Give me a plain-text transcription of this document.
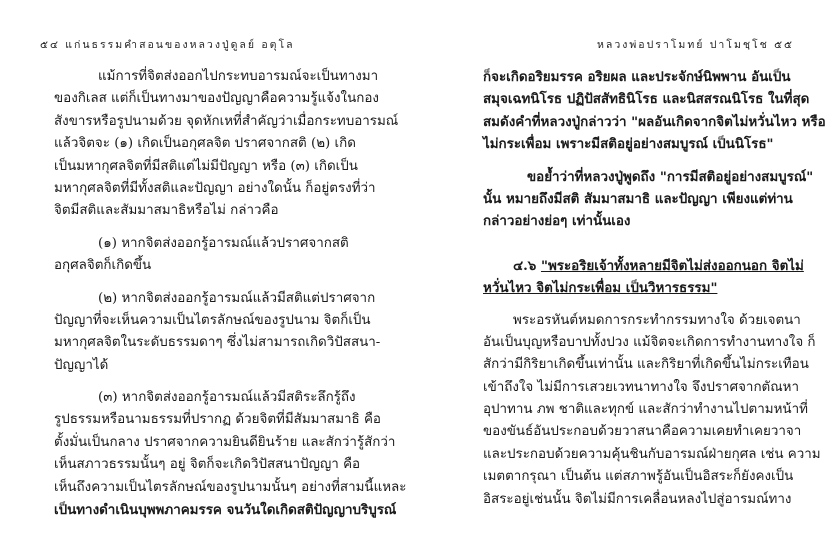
๕๔ แก่นธรรมคำสอนของหลวงปู่ดูลย์ อตุโล
แม้การที่จิตส่งออกไปกระทบอารมณ์จะเป็นทางมา
ของกิเลส แต่ก็เป็นทางมาของปัญญาคือความรู้แจ้งในกอง
สังขารหรือรูปนามด้วย จุดหักเหที่สำคัญว่าเมื่อกระทบอารมณ์
แล้วจิตจะ (๑) เกิดเป็นอกุศลจิต ปราศจากสติ (๒) เกิด
เป็นมหากุศลจิตที่มีสติแต่ไม่มีปัญญา หรือ (๓) เกิดเป็น
มหากุศลจิตที่มีทั้งสติและปัญญา อย่างใดนั้น ก็อยู่ตรงที่ว่า
จิตมีสติและสัมมาสมาธิหรือไม่ กล่าวคือ
(๑) หากจิตส่งออกรู้อารมณ์แล้วปราศจากสติ
อกุศลจิตก็เกิดขึ้น
(๒) หากจิตส่งออกรู้อารมณ์แล้วมีสติแต่ปราศจาก
ปัญญาที่จะเห็นความเป็นไตรลักษณ์ของรูปนาม จิตก็เป็น
มหากุศลจิตในระดับธรรมดาๆ ซึ่งไม่สามารถเกิดวิปัสสนา-
ปัญญาได้
(๓) หากจิตส่งออกรู้อารมณ์แล้วมีสติระลึกรู้ถึง
รูปธรรมหรือนามธรรมที่ปรากฏ ด้วยจิตที่มีสัมมาสมาธิ คือ
ตั้งมั่นเป็นกลาง ปราศจากความยินดียินร้าย และสักว่ารู้สักว่า
เห็นสภาวธรรมนั้นๆ อยู่ จิตก็จะเกิดวิปัสสนาปัญญา คือ
เห็นถึงความเป็นไตรลักษณ์ของรูปนามนั้นๆ อย่างที่สามนี้แหละ
เป็นทางดำเนินบุพพภาคมรรค จนวันใดเกิดสติปัญญาบริบูรณ์
หลวงพ่อปราโมทย์ ปาโมชฺโช ๕๕
ก็จะเกิดอริยมรรค อริยผล และประจักษ์นิพพาน อันเป็น
สมุจเฉทนิโรธ ปฏิปัสสัทธินิโรธ และนิสสรณนิโรธ ในที่สุด
สมดังคำที่หลวงปู่กล่าวว่า "ผลอันเกิดจากจิตไม่หวั่นไหว หรือ
ไม่กระเพื่อม เพราะมีสติอยู่อย่างสมบูรณ์ เป็นนิโรธ"
ขอย้ำว่าที่หลวงปู่พูดถึง "การมีสติอยู่อย่างสมบูรณ์"
นั้น หมายถึงมีสติ สัมมาสมาธิ และปัญญา เพียงแต่ท่าน
กล่าวอย่างย่อๆ เท่านั้นเอง
๔.๖ "พระอริยเจ้าทั้งหลายมีจิตไม่ส่งออกนอก จิตไม่
หวั่นไหว จิตไม่กระเพื่อม เป็นวิหารธรรม"
พระอรหันต์หมดการกระทำกรรมทางใจ ด้วยเจตนา
อันเป็นบุญหรือบาปทั้งปวง แม้จิตจะเกิดการทำงานทางใจ ก็
สักว่ามีกิริยาเกิดขึ้นเท่านั้น และกิริยาที่เกิดขึ้นไม่กระเทือน
เข้าถึงใจ ไม่มีการเสวยเวทนาทางใจ จึงปราศจากตัณหา
อุปาทาน ภพ ชาติและทุกข์ และสักว่าทำงานไปตามหน้าที่
ของขันธ์อันประกอบด้วยวาสนาคือความเคยทำเคยวาจา
และประกอบด้วยความคุ้นชินกับอารมณ์ฝ่ายกุศล เช่น ความ
เมตตากรุณา เป็นต้น แต่สภาพรู้อันเป็นอิสระก็ยังคงเป็น
อิสระอยู่เช่นนั้น จิตไม่มีการเคลื่อนหลงไปสู่อารมณ์ทาง
